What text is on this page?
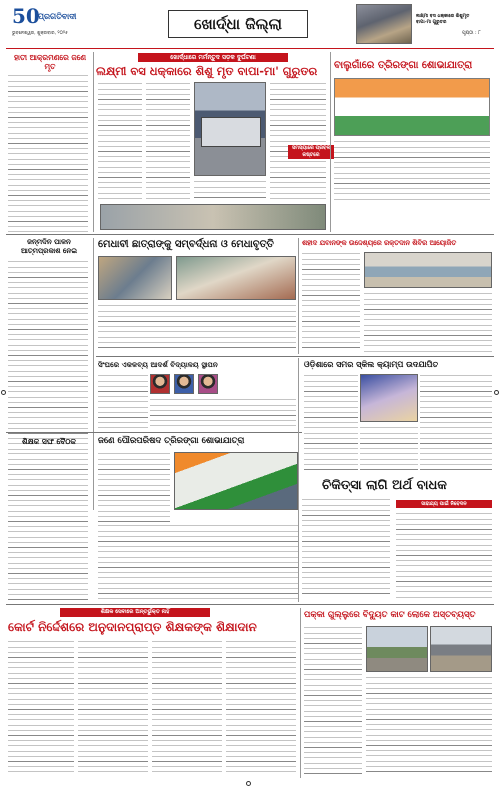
50
ପ୍ରଗତିବାଦୀ
ଭୁବନେଶ୍ୱର, ଶୁକ୍ରବାର, ୨୦୨୫
ଖୋର୍ଦ୍ଧା ଜିଲ୍ଲା
ପୃଷ୍ଠା : ୮
ଲକ୍ଷ୍ମୀ ବସ ଧକ୍କାରେ ଶିଶୁମୃତ
ବାପା-ମା ଗୁରୁତର
ହାତୀ ଆକ୍ରମଣରେ ଜଣେ ମୃତ
ଖୋର୍ଦ୍ଧାରେ ମର୍ମନ୍ତୁଦ ସଡ଼କ ଦୁର୍ଘଟଣା
ଲକ୍ଷ୍ମୀ ବସ ଧକ୍କାରେ ଶିଶୁ ମୃତ ବାପା-ମା' ଗୁରୁତର	ବାଲୁଗାଁରେ ତ୍ରିରଙ୍ଗା ଶୋଭାଯାତ୍ରା
ସମସ୍ୟାରେ ପ୍ରବଳ କଷ୍ଟରେ
ଜନ୍ମଦିନ ପାଳନ
ଆତ୍ମପ୍ରକାଶ ନେଇ
ମେଧାବୀ ଛାତ୍ରାଙ୍କୁ ସମ୍ବର୍ଦ୍ଧନା ଓ ମେଧାବୃତ୍ତି	ଶହୀଦ ଯବାନଙ୍କ ଉଦ୍ଦେଶ୍ୟରେ ରକ୍ତଦାନ ଶିବିର ଆୟୋଜିତ
ସିଂଘରେ ଏକଳବ୍ୟ ଆଦର୍ଶ ବିଦ୍ୟାଳୟ ସ୍ଥାପନ	ଓଡ଼ିଶାରେ ସମର ସ୍କିଲ କ୍ୟାମ୍ପ ଉଦଯାପିତ
ଶିକ୍ଷକ ସଙ୍ଘ ବୈଠକ	ଜଣେ ପୌରପରିଷଦ ତ୍ରିରଙ୍ଗା ଶୋଭାଯାତ୍ରା
ଚିକିତ୍ସା ଲାଗି ଅର୍ଥ ବାଧକ
ସାହାଯ୍ୟ ପାଇଁ ନିବେଦନ
ଶିକ୍ଷକ ସେବାରେ ଅନ୍ତର୍ଭୁକ୍ତ ନାହିଁ
କୋର୍ଟ ନିର୍ଦ୍ଦେଶରେ ଅନୁଦାନପ୍ରାପ୍ତ ଶିକ୍ଷକଙ୍କ ଶିକ୍ଷାଦାନ
ପକ୍କା ଗୁଲ୍ଲୁରେ ବିଦ୍ୟୁତ କାଟ ଲୋକେ ଅସ୍ତବ୍ୟସ୍ତ
